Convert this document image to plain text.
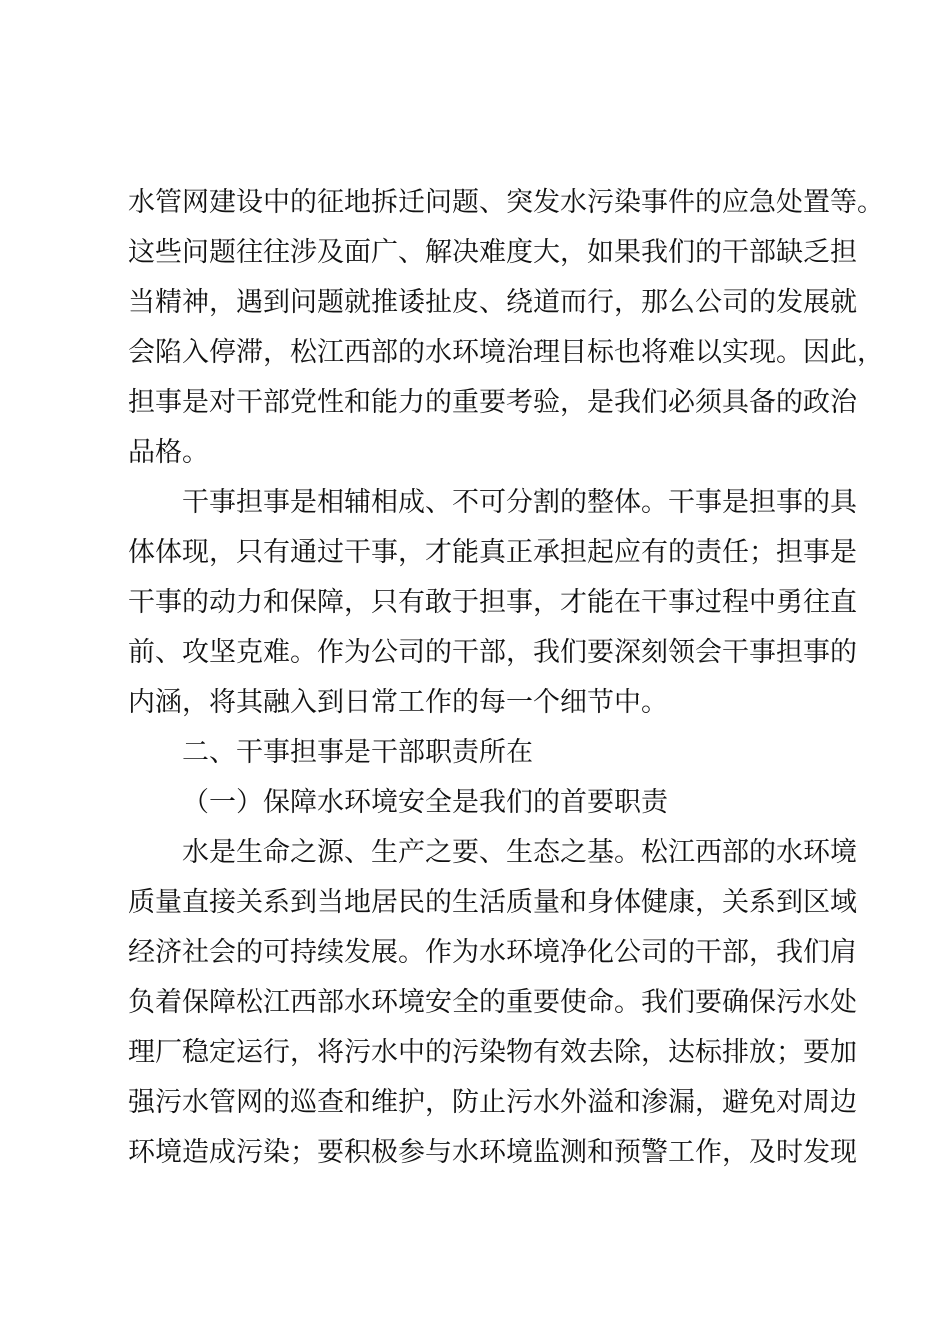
水管网建设中的征地拆迁问题、突发水污染事件的应急处置等。
这些问题往往涉及面广、解决难度大，如果我们的干部缺乏担
当精神，遇到问题就推诿扯皮、绕道而行，那么公司的发展就
会陷入停滞，松江西部的水环境治理目标也将难以实现。因此，
担事是对干部党性和能力的重要考验，是我们必须具备的政治
品格。
干事担事是相辅相成、不可分割的整体。干事是担事的具
体体现，只有通过干事，才能真正承担起应有的责任；担事是
干事的动力和保障，只有敢于担事，才能在干事过程中勇往直
前、攻坚克难。作为公司的干部，我们要深刻领会干事担事的
内涵，将其融入到日常工作的每一个细节中。
二、干事担事是干部职责所在
（一）保障水环境安全是我们的首要职责
水是生命之源、生产之要、生态之基。松江西部的水环境
质量直接关系到当地居民的生活质量和身体健康，关系到区域
经济社会的可持续发展。作为水环境净化公司的干部，我们肩
负着保障松江西部水环境安全的重要使命。我们要确保污水处
理厂稳定运行，将污水中的污染物有效去除，达标排放；要加
强污水管网的巡查和维护，防止污水外溢和渗漏，避免对周边
环境造成污染；要积极参与水环境监测和预警工作，及时发现
